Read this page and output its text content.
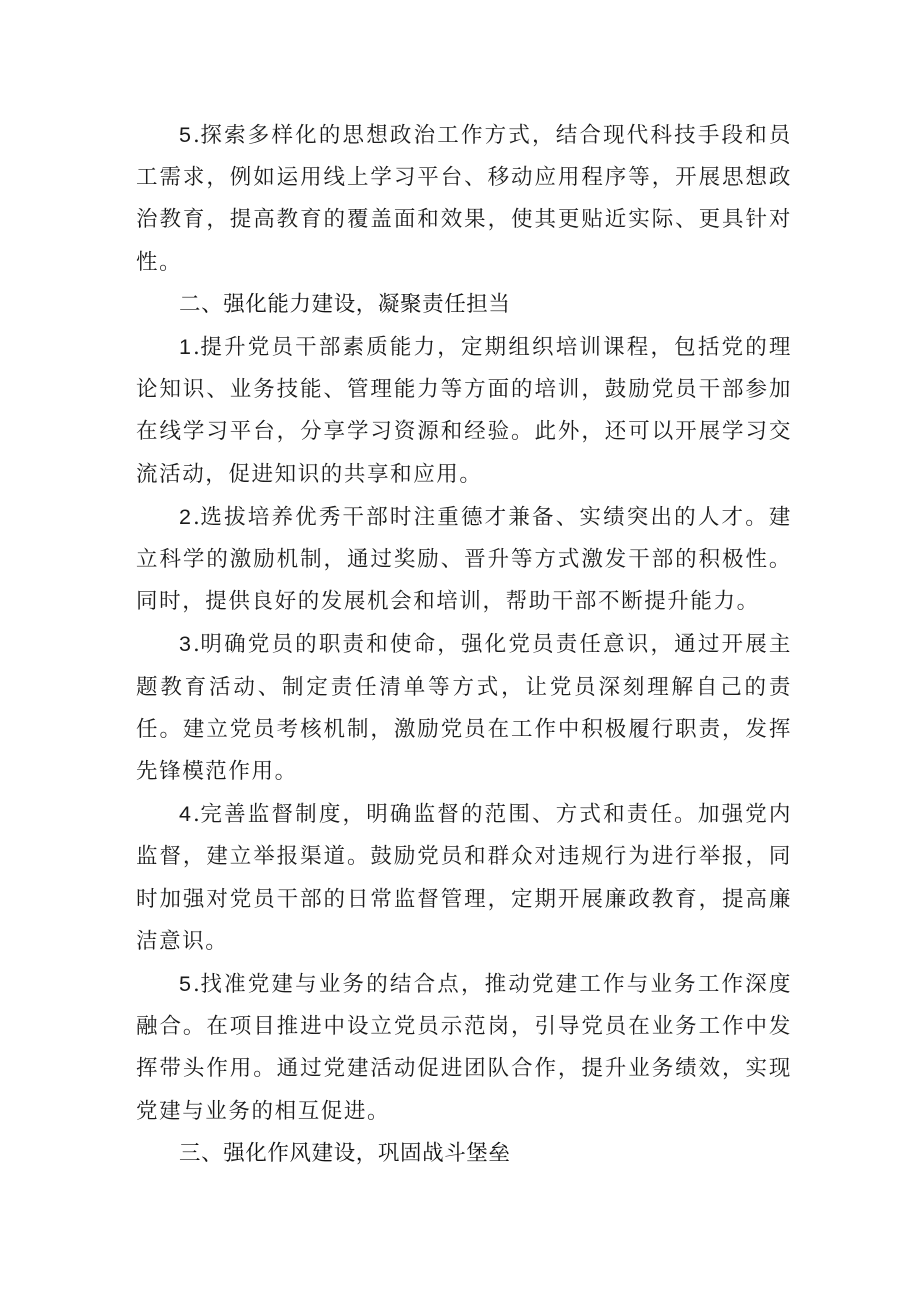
5.探索多样化的思想政治工作方式，结合现代科技手段和员工需求，例如运用线上学习平台、移动应用程序等，开展思想政治教育，提高教育的覆盖面和效果，使其更贴近实际、更具针对性。

二、强化能力建设，凝聚责任担当

1.提升党员干部素质能力，定期组织培训课程，包括党的理论知识、业务技能、管理能力等方面的培训，鼓励党员干部参加在线学习平台，分享学习资源和经验。此外，还可以开展学习交流活动，促进知识的共享和应用。

2.选拔培养优秀干部时注重德才兼备、实绩突出的人才。建立科学的激励机制，通过奖励、晋升等方式激发干部的积极性。同时，提供良好的发展机会和培训，帮助干部不断提升能力。

3.明确党员的职责和使命，强化党员责任意识，通过开展主题教育活动、制定责任清单等方式，让党员深刻理解自己的责任。建立党员考核机制，激励党员在工作中积极履行职责，发挥先锋模范作用。

4.完善监督制度，明确监督的范围、方式和责任。加强党内监督，建立举报渠道。鼓励党员和群众对违规行为进行举报，同时加强对党员干部的日常监督管理，定期开展廉政教育，提高廉洁意识。

5.找准党建与业务的结合点，推动党建工作与业务工作深度融合。在项目推进中设立党员示范岗，引导党员在业务工作中发挥带头作用。通过党建活动促进团队合作，提升业务绩效，实现党建与业务的相互促进。

三、强化作风建设，巩固战斗堡垒
